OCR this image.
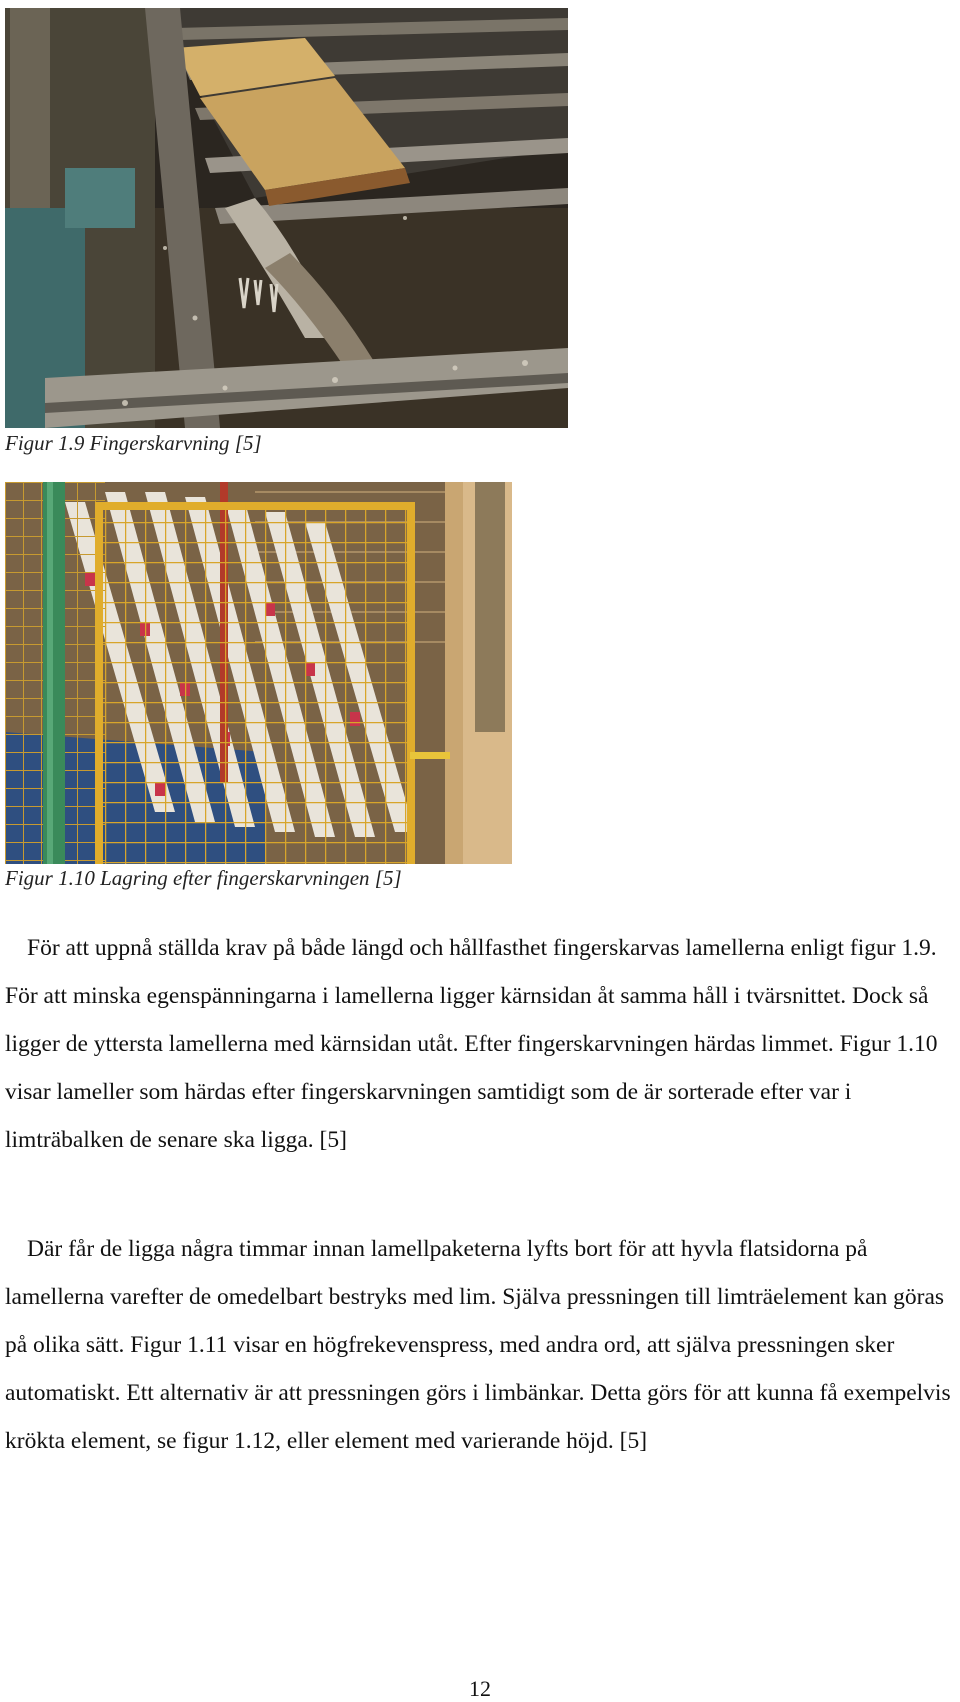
Figur 1.9 Fingerskarvning [5]
Figur 1.10 Lagring efter fingerskarvningen [5]

För att uppnå ställda krav på både längd och hållfasthet fingerskarvas lamellerna enligt figur 1.9. För att minska egenspänningarna i lamellerna ligger kärnsidan åt samma håll i tvärsnittet. Dock så ligger de yttersta lamellerna med kärnsidan utåt. Efter fingerskarvningen härdas limmet. Figur 1.10 visar lameller som härdas efter fingerskarvningen samtidigt som de är sorterade efter var i limträbalken de senare ska ligga. [5]

Där får de ligga några timmar innan lamellpaketerna lyfts bort för att hyvla flatsidorna på lamellerna varefter de omedelbart bestryks med lim. Själva pressningen till limträelement kan göras på olika sätt. Figur 1.11 visar en högfrekevenspress, med andra ord, att själva pressningen sker automatiskt. Ett alternativ är att pressningen görs i limbänkar. Detta görs för att kunna få exempelvis krökta element, se figur 1.12, eller element med varierande höjd. [5]

12
